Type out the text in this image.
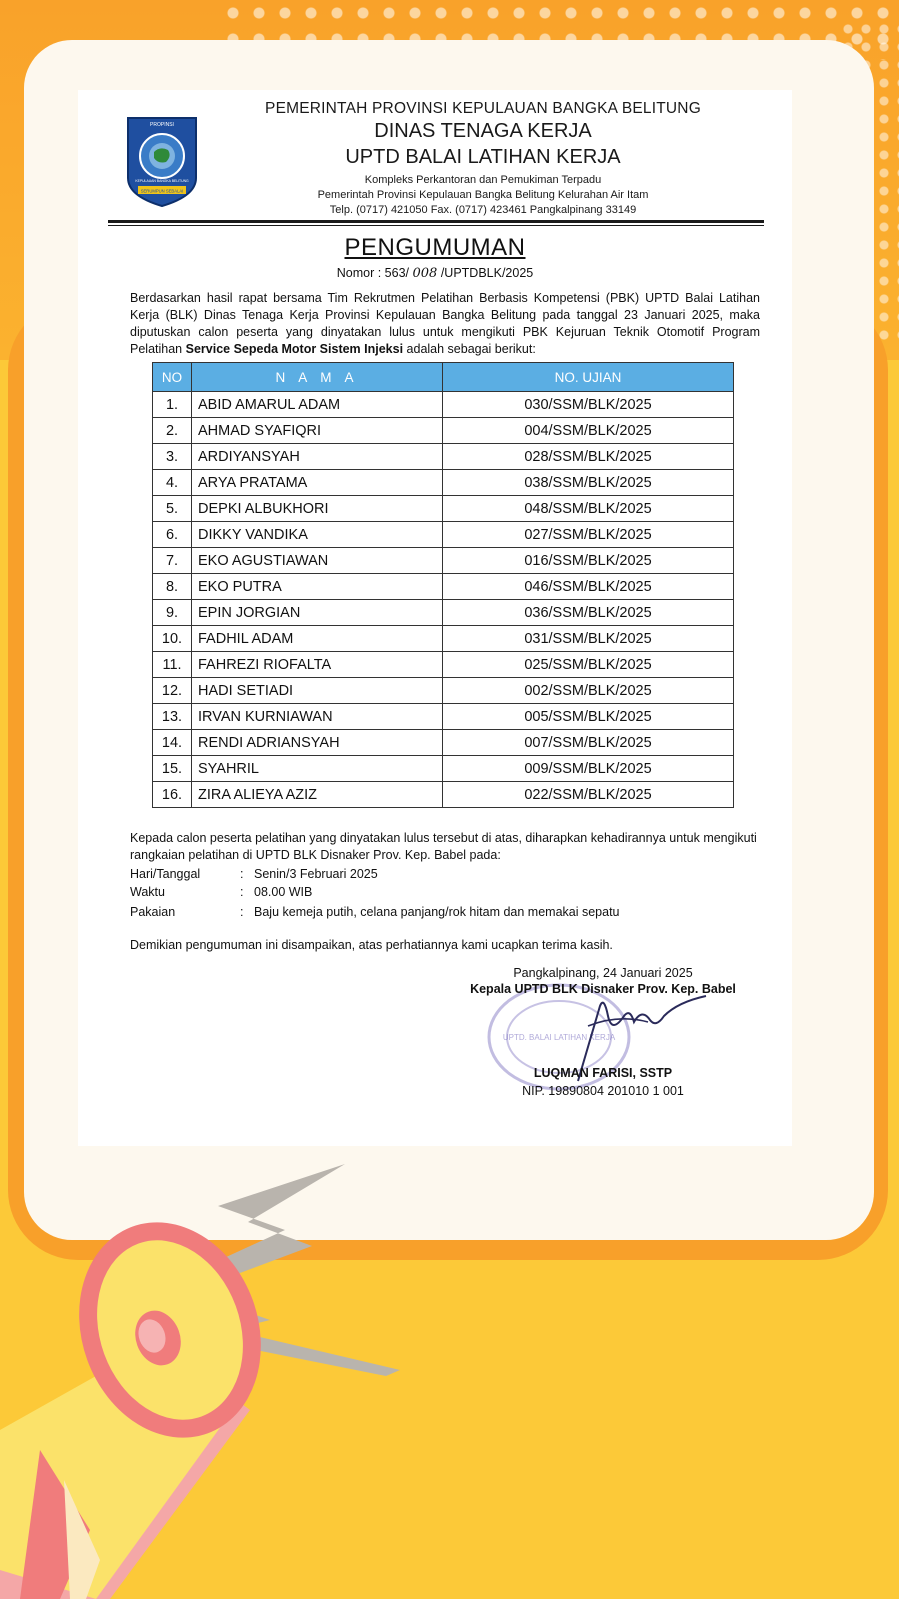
PROPINSI
SERUMPUN SEBALAI
KEPULAUAN BANGKA BELITUNG
PEMERINTAH PROVINSI KEPULAUAN BANGKA BELITUNG
DINAS TENAGA KERJA
UPTD BALAI LATIHAN KERJA
Kompleks Perkantoran dan Pemukiman Terpadu
Pemerintah Provinsi Kepulauan Bangka Belitung Kelurahan Air Itam
Telp. (0717) 421050 Fax. (0717) 423461 Pangkalpinang 33149
PENGUMUMAN
Nomor : 563/ 008 /UPTDBLK/2025
Berdasarkan hasil rapat bersama Tim Rekrutmen Pelatihan Berbasis Kompetensi (PBK) UPTD Balai Latihan Kerja (BLK) Dinas Tenaga Kerja Provinsi Kepulauan Bangka Belitung pada tanggal 23 Januari 2025, maka diputuskan calon peserta yang dinyatakan lulus untuk mengikuti PBK Kejuruan Teknik Otomotif Program Pelatihan Service Sepeda Motor Sistem Injeksi adalah sebagai berikut:
NO	N A M A	NO. UJIAN
1.	ABID AMARUL ADAM	030/SSM/BLK/2025
2.	AHMAD SYAFIQRI	004/SSM/BLK/2025
3.	ARDIYANSYAH	028/SSM/BLK/2025
4.	ARYA PRATAMA	038/SSM/BLK/2025
5.	DEPKI ALBUKHORI	048/SSM/BLK/2025
6.	DIKKY VANDIKA	027/SSM/BLK/2025
7.	EKO AGUSTIAWAN	016/SSM/BLK/2025
8.	EKO PUTRA	046/SSM/BLK/2025
9.	EPIN JORGIAN	036/SSM/BLK/2025
10.	FADHIL ADAM	031/SSM/BLK/2025
11.	FAHREZI RIOFALTA	025/SSM/BLK/2025
12.	HADI SETIADI	002/SSM/BLK/2025
13.	IRVAN KURNIAWAN	005/SSM/BLK/2025
14.	RENDI ADRIANSYAH	007/SSM/BLK/2025
15.	SYAHRIL	009/SSM/BLK/2025
16.	ZIRA ALIEYA AZIZ	022/SSM/BLK/2025
Kepada calon peserta pelatihan yang dinyatakan lulus tersebut di atas, diharapkan kehadirannya untuk mengikuti rangkaian pelatihan di UPTD BLK Disnaker Prov. Kep. Babel pada:
Hari/Tanggal	: Senin/3 Februari 2025
Waktu	: 08.00 WIB
Pakaian	: Baju kemeja putih, celana panjang/rok hitam dan memakai sepatu
Demikian pengumuman ini disampaikan, atas perhatiannya kami ucapkan terima kasih.
UPTD. BALAI LATIHAN KERJA
Pangkalpinang, 24 Januari 2025
Kepala UPTD BLK Disnaker Prov. Kep. Babel
LUQMAN FARISI, SSTP
NIP. 19890804 201010 1 001
